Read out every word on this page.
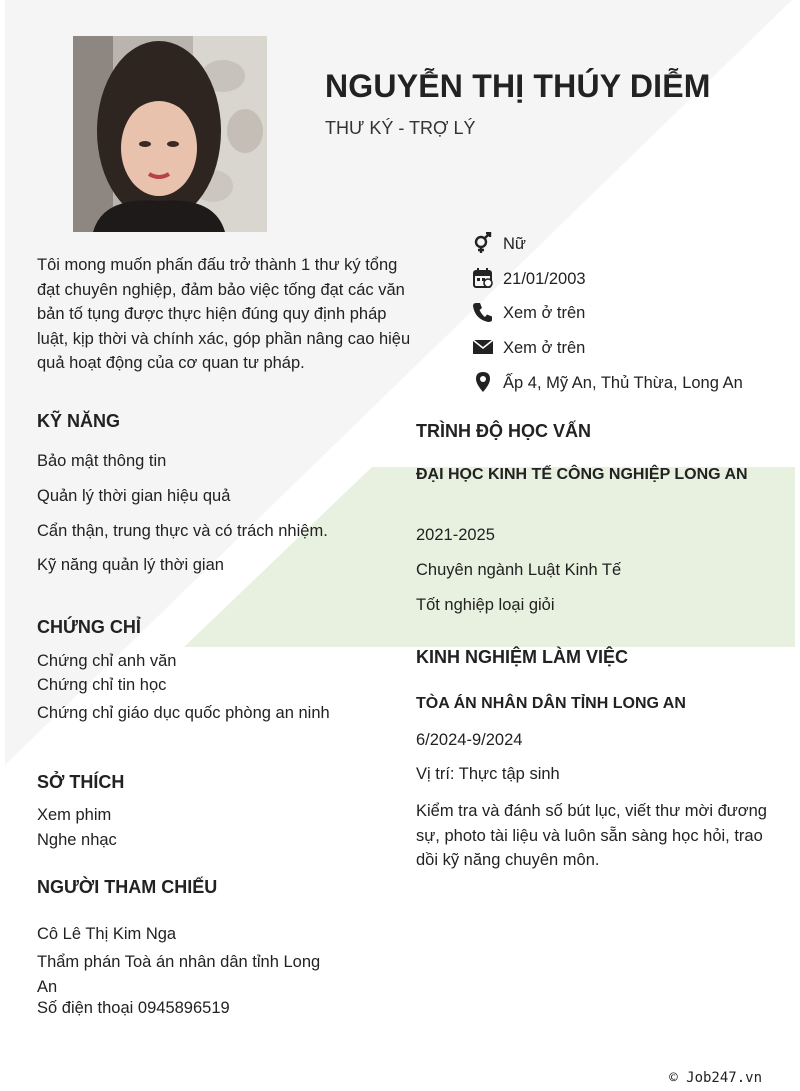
NGUYỄN THỊ THÚY DIỄM
THƯ KÝ - TRỢ LÝ
Tôi mong muốn phấn đấu trở thành 1 thư ký tổng đạt chuyên nghiệp, đảm bảo việc tống đạt các văn bản tố tụng được thực hiện đúng quy định pháp luật, kịp thời và chính xác, góp phần nâng cao hiệu quả hoạt động của cơ quan tư pháp.
Nữ
21/01/2003
Xem ở trên
Xem ở trên
Ấp 4, Mỹ An, Thủ Thừa, Long An
KỸ NĂNG
Bảo mật thông tin
Quản lý thời gian hiệu quả
Cẩn thận, trung thực và có trách nhiệm.
Kỹ năng quản lý thời gian
CHỨNG CHỈ
Chứng chỉ anh văn
Chứng chỉ tin học
Chứng chỉ giáo dục quốc phòng an ninh
SỞ THÍCH
Xem phim
Nghe nhạc
NGƯỜI THAM CHIẾU
Cô Lê Thị Kim Nga
Thẩm phán Toà án nhân dân tỉnh Long An
Số điện thoại 0945896519
TRÌNH ĐỘ HỌC VẤN
ĐẠI HỌC KINH TẾ CÔNG NGHIỆP LONG AN
2021-2025
Chuyên ngành Luật Kinh Tế
Tốt nghiệp loại giỏi
KINH NGHIỆM LÀM VIỆC
TÒA ÁN NHÂN DÂN TỈNH LONG AN
6/2024-9/2024
Vị trí: Thực tập sinh
Kiểm tra và đánh số bút lục, viết thư mời đương sự, photo tài liệu và luôn sẵn sàng học hỏi, trao dồi kỹ năng chuyên môn.
© Job247.vn
